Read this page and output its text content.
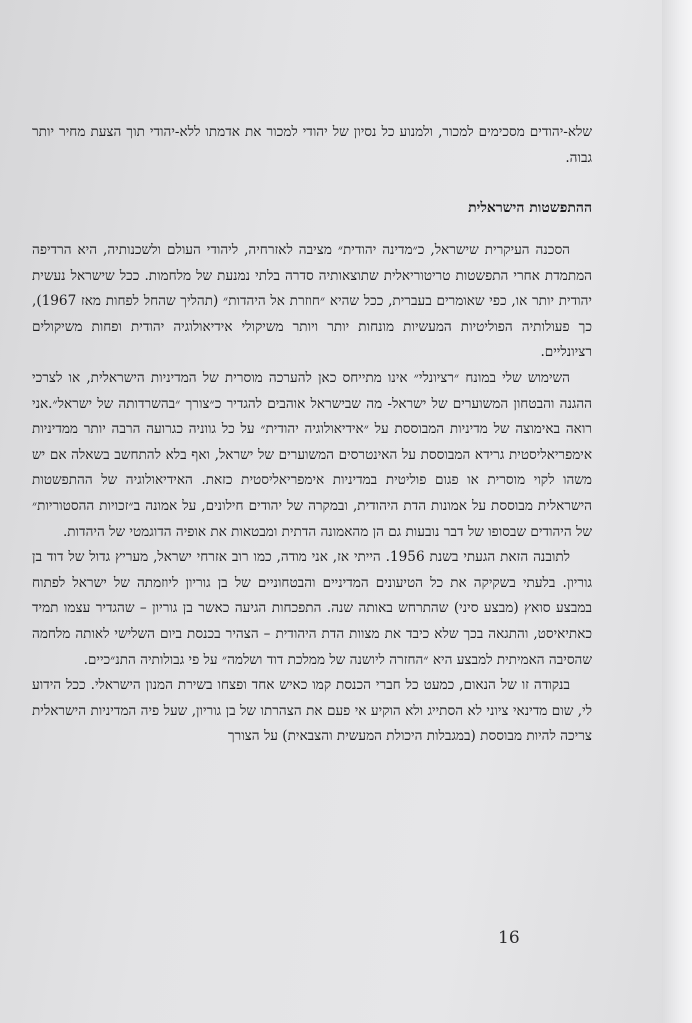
שלא-יהודים מסכימים למכור, ולמנוע כל נסיון של יהודי למכור את אדמתו ללא-יהודי תוך הצעת מחיר יותר גבוה.

ההתפשטות הישראלית

הסכנה העיקרית שישראל, כ״מדינה יהודית״ מציבה לאזרחיה, ליהודי העולם ולשכנותיה, היא הרדיפה המתמדת אחרי התפשטות טריטוריאלית שתוצאותיה סדרה בלתי נמנעת של מלחמות. ככל שישראל נעשית יהודית יותר או, כפי שאומרים בעברית, ככל שהיא ״חוזרת אל היהדות״ (תהליך שהחל לפחות מאז 1967), כך פעולותיה הפוליטיות המעשיות מונחות יותר ויותר משיקולי אידיאולוגיה יהודית ופחות משיקולים רציונליים.

השימוש שלי במונח ״רציונלי״ אינו מתייחס כאן להערכה מוסרית של המדיניות הישראלית, או לצרכי ההגנה והבטחון המשוערים של ישראל- מה שבישראל אוהבים להגדיר כ״צורך ״בהשרדותה של ישראל״.אני רואה באימוצה של מדיניות המבוססת על ״אידיאולוגיה יהודית״ על כל גווניה כגרועה הרבה יותר ממדיניות אימפריאליסטית גרידא המבוססת על האינטרסים המשוערים של ישראל, ואף בלא להתחשב בשאלה אם יש משהו לקוי מוסרית או פגום פוליטית במדיניות אימפריאליסטית כזאת. האידיאולוגיה של ההתפשטות הישראלית מבוססת על אמונות הדת היהודית, ובמקרה של יהודים חילונים, על אמונה ב״זכויות ההסטוריות״ של היהודים שבסופו של דבר נובעות גם הן מהאמונה הדתית ומבטאות את אופיה הדוגמטי של היהדות.

לתובנה הזאת הגעתי בשנת 1956. הייתי אז, אני מודה, כמו רוב אזרחי ישראל, מעריץ גדול של דוד בן גוריון. בלעתי בשקיקה את כל הטיעונים המדיניים והבטחוניים של בן גוריון ליוזמתה של ישראל לפתוח במבצע סואץ (מבצע סיני) שהתרחש באותה שנה. התפכחות הגיעה כאשר בן גוריון – שהגדיר עצמו תמיד כאתיאיסט, והתגאה בכך שלא כיבד את מצוות הדת היהודית – הצהיר בכנסת ביום השלישי לאותה מלחמה שהסיבה האמיתית למבצע היא ״החזרה ליושנה של ממלכת דוד ושלמה״ על פי גבולותיה התנ״כיים.

בנקודה זו של הנאום, כמעט כל חברי הכנסת קמו כאיש אחד ופצחו בשירת המנון הישראלי. ככל הידוע לי, שום מדינאי ציוני לא הסתייג ולא הוקיע אי פעם את הצהרתו של בן גוריון, שעל פיה המדיניות הישראלית צריכה להיות מבוססת (במגבלות היכולת המעשית והצבאית) על הצורך

16
